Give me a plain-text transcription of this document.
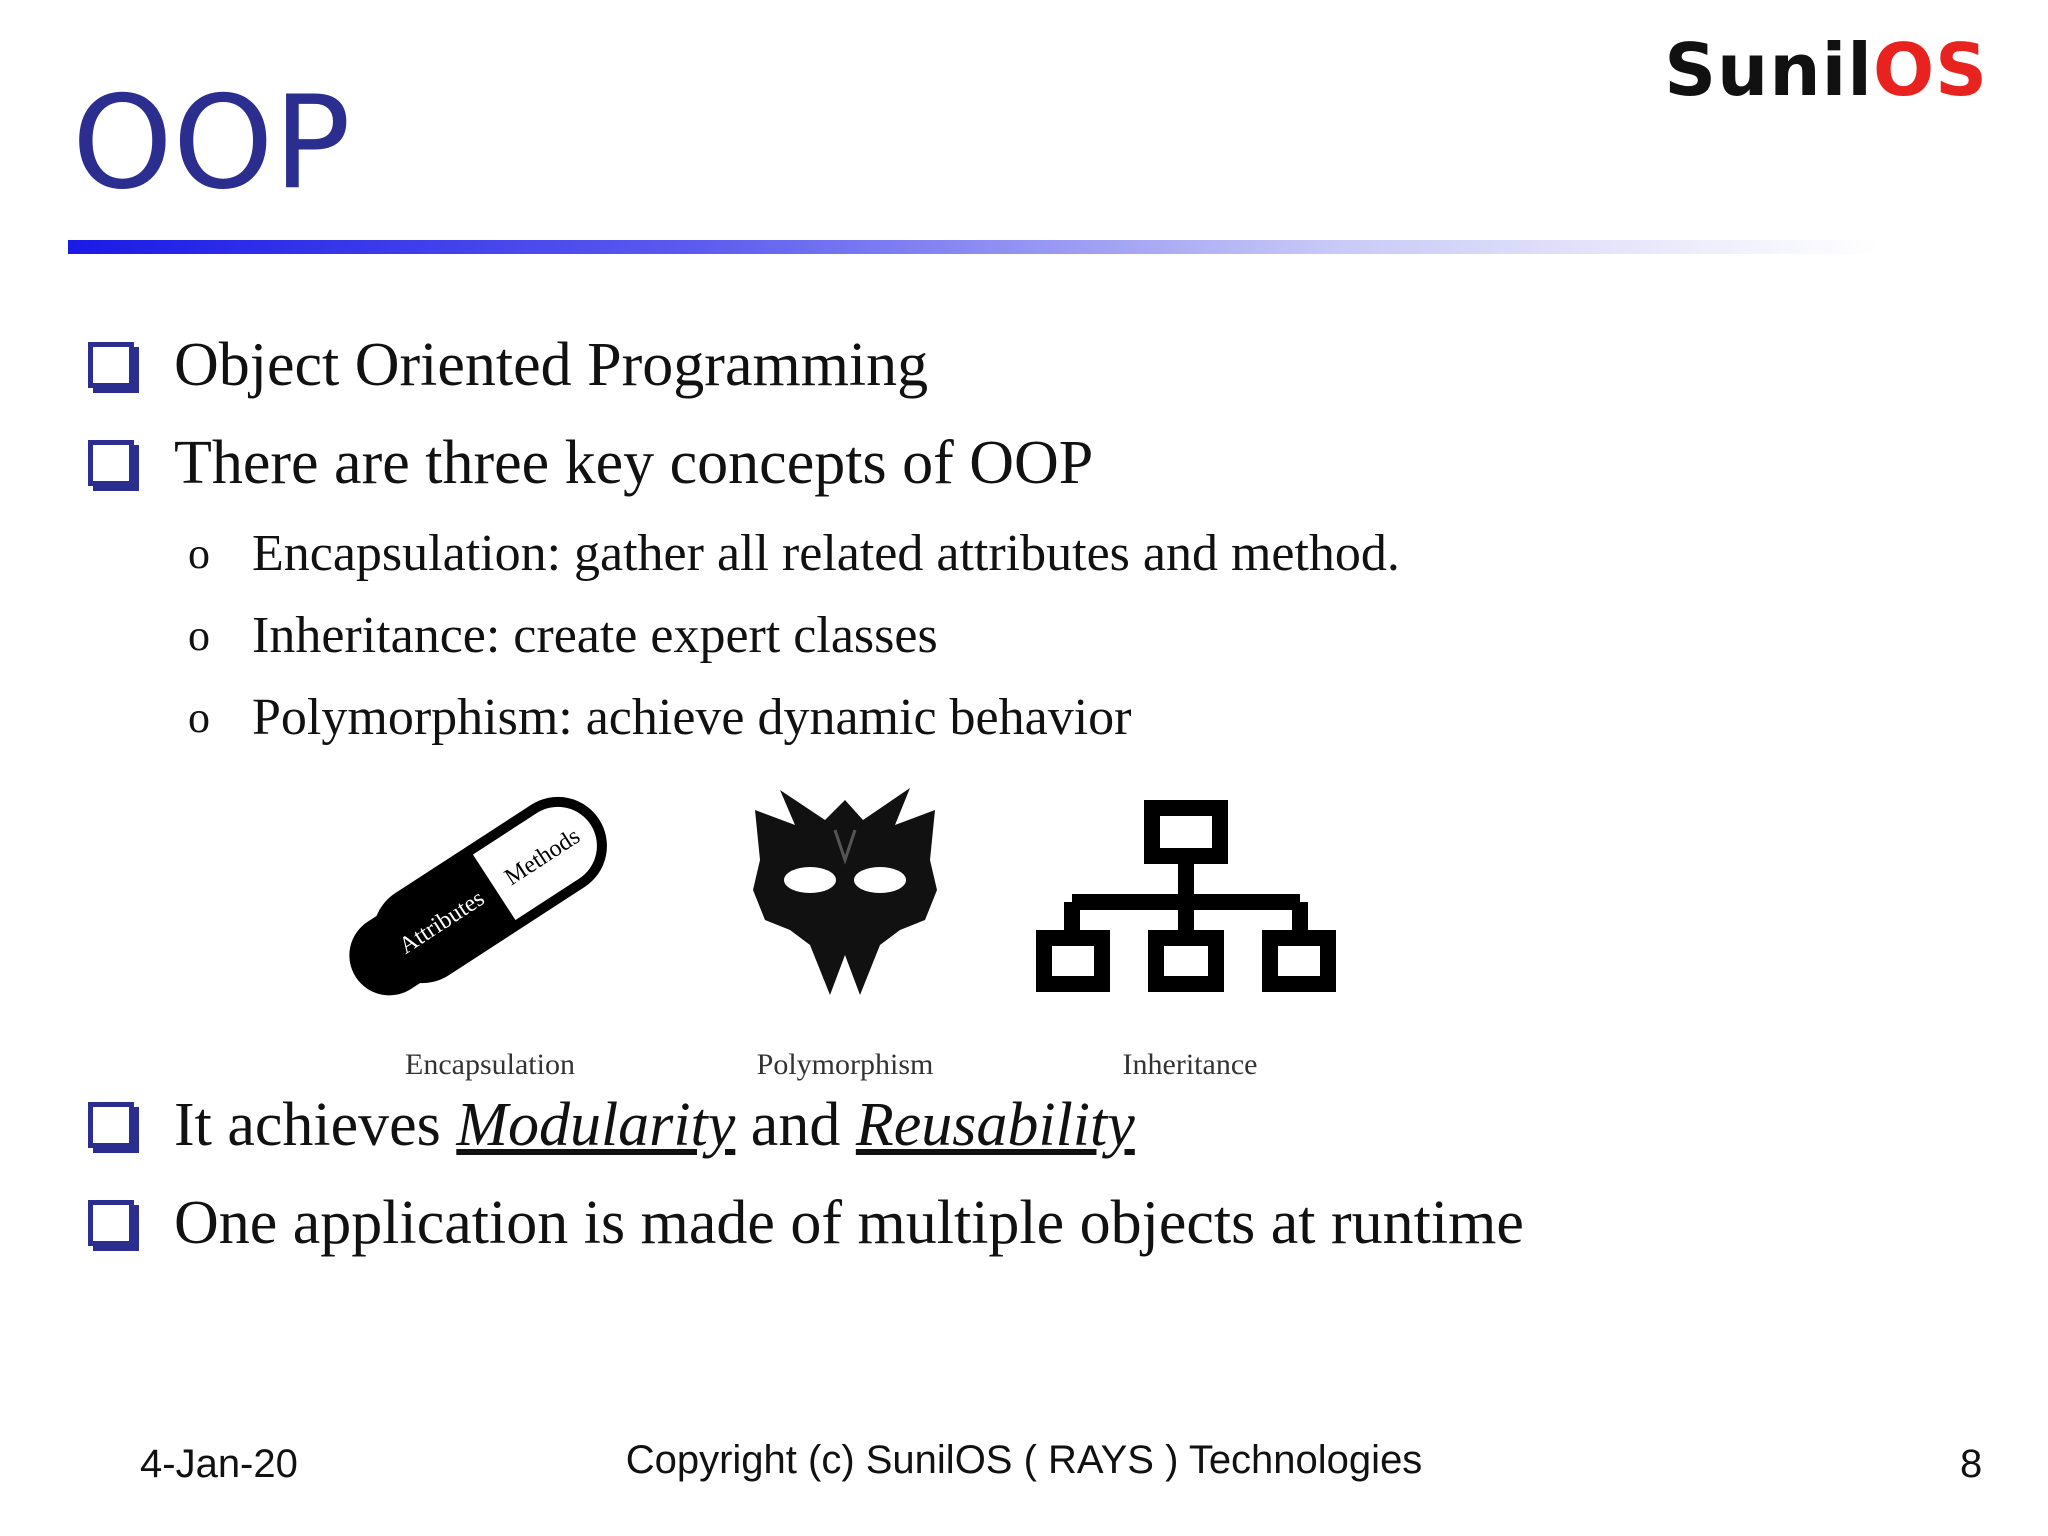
SunilOS
OOP
Object Oriented Programming
There are three key concepts of OOP
o Encapsulation: gather all related attributes and method.
o Inheritance: create expert classes
o Polymorphism: achieve dynamic behavior
Attributes
Methods
Encapsulation	Polymorphism	Inheritance
It achieves Modularity and Reusability
One application is made of multiple objects at runtime
4-Jan-20	Copyright (c) SunilOS ( RAYS ) Technologies	8
